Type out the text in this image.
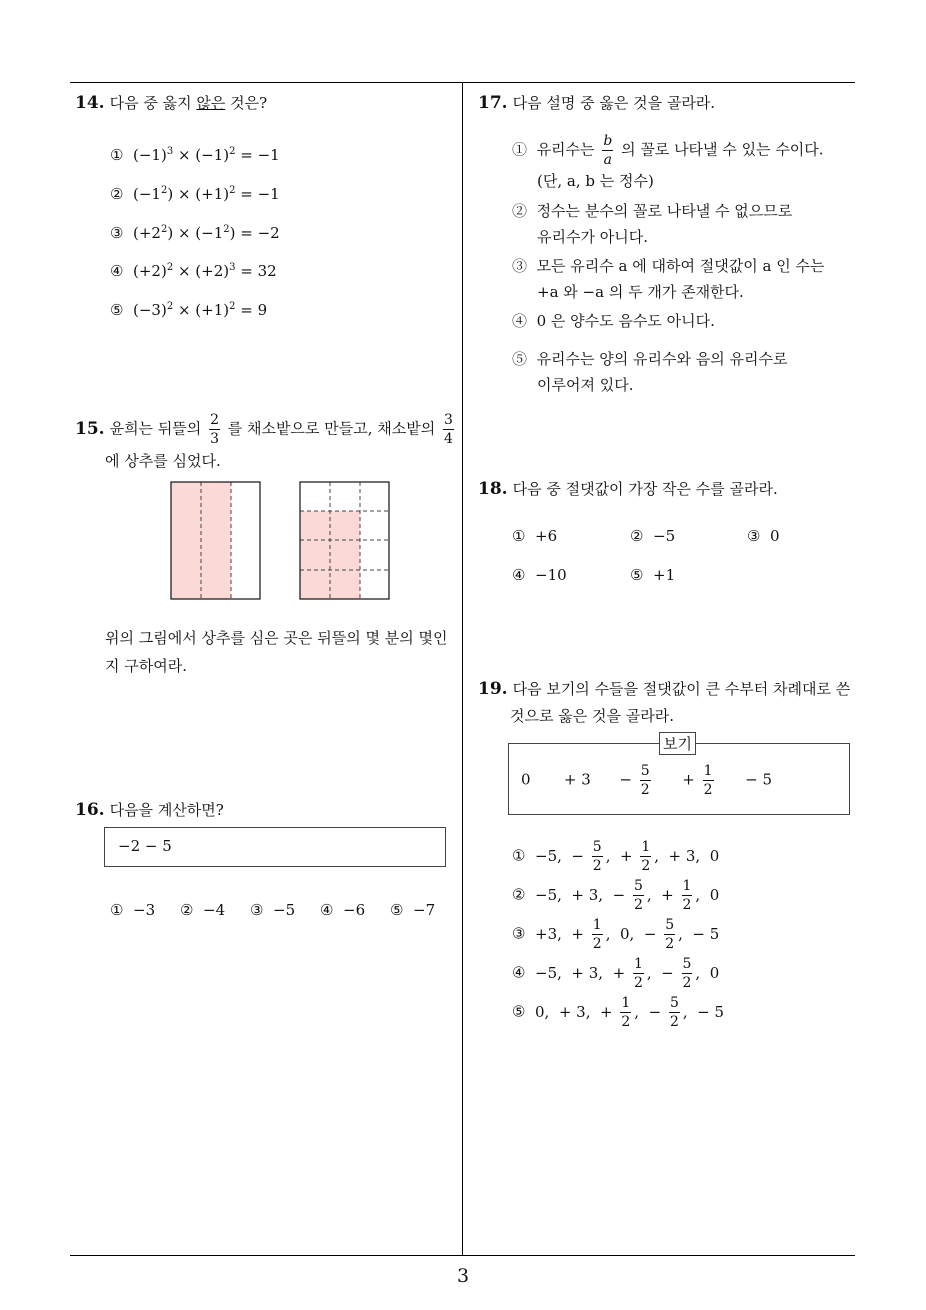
14. 다음 중 옳지 않은 것은?
① $(-1)^3 \times (-1)^2 = -1$
② $(-1^2) \times (+1)^2 = -1$
③ $(+2^2) \times (-1^2) = -2$
④ $(+2)^2 \times (+2)^3 = 32$
⑤ $(-3)^2 \times (+1)^2 = 9$
15. 윤희는 뒤뜰의 $\frac{2}{3}$ 를 채소밭으로 만들고, 채소밭의 $\frac{3}{4}$
에 상추를 심었다.
위의 그림에서 상추를 심은 곳은 뒤뜰의 몇 분의 몇인
지 구하여라.
16. 다음을 계산하면?
−2 − 5
① −3 ② −4 ③ −5 ④ −6 ⑤ −7
17. 다음 설명 중 옳은 것을 골라라.
① 유리수는 $\frac{b}{a}$ 의 꼴로 나타낼 수 있는 수이다.
(단, a, b 는 정수)
② 정수는 분수의 꼴로 나타낼 수 없으므로
유리수가 아니다.
③ 모든 유리수 a 에 대하여 절댓값이 a 인 수는
+a 와 −a 의 두 개가 존재한다.
④ 0 은 양수도 음수도 아니다.
⑤ 유리수는 양의 유리수와 음의 유리수로
이루어져 있다.
18. 다음 중 절댓값이 가장 작은 수를 골라라.
① +6	② −5	③ 0
④ −10	⑤ +1
19. 다음 보기의 수들을 절댓값이 큰 수부터 차례대로 쓴
것으로 옳은 것을 골라라.
0       + 3      − $\frac{5}{2} + \frac{1}{2} - 5$
보기
① −5,  − $\frac{5}{2}$ ,  + $\frac{1}{2}$ ,  + 3,  0
② −5,  + 3,  − $\frac{5}{2}$ ,  + $\frac{1}{2}$ ,  0
③ +3,  + $\frac{1}{2}$ ,  0,  − $\frac{5}{2}$ ,  − 5
④ −5,  + 3,  + $\frac{1}{2}$ ,  − $\frac{5}{2}$ ,  0
⑤ 0,  + 3,  + $\frac{1}{2}$ ,  − $\frac{5}{2}$ ,  − 5
3
